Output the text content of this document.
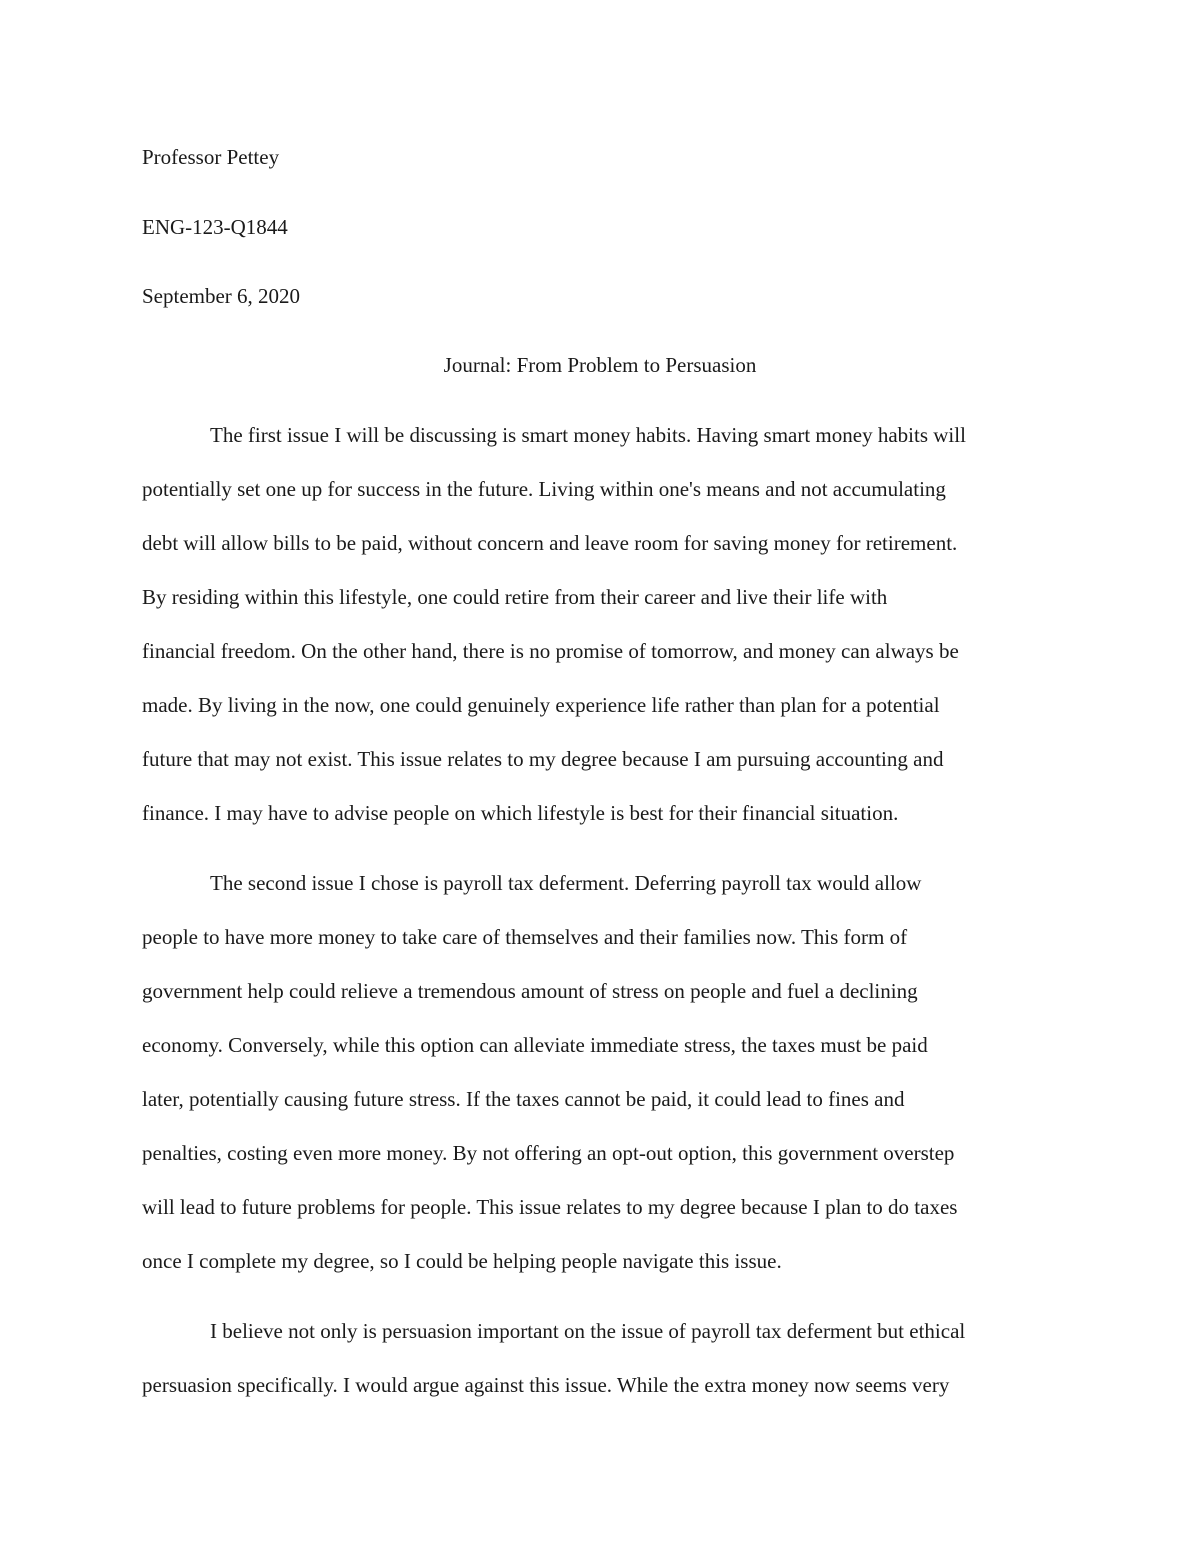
Professor Pettey

ENG-123-Q1844

September 6, 2020

Journal: From Problem to Persuasion
The first issue I will be discussing is smart money habits. Having smart money habits will
potentially set one up for success in the future. Living within one's means and not accumulating
debt will allow bills to be paid, without concern and leave room for saving money for retirement.
By residing within this lifestyle, one could retire from their career and live their life with
financial freedom. On the other hand, there is no promise of tomorrow, and money can always be
made. By living in the now, one could genuinely experience life rather than plan for a potential
future that may not exist. This issue relates to my degree because I am pursuing accounting and
finance. I may have to advise people on which lifestyle is best for their financial situation.
The second issue I chose is payroll tax deferment. Deferring payroll tax would allow
people to have more money to take care of themselves and their families now. This form of
government help could relieve a tremendous amount of stress on people and fuel a declining
economy. Conversely, while this option can alleviate immediate stress, the taxes must be paid
later, potentially causing future stress. If the taxes cannot be paid, it could lead to fines and
penalties, costing even more money. By not offering an opt-out option, this government overstep
will lead to future problems for people. This issue relates to my degree because I plan to do taxes
once I complete my degree, so I could be helping people navigate this issue.
I believe not only is persuasion important on the issue of payroll tax deferment but ethical
persuasion specifically. I would argue against this issue. While the extra money now seems very
